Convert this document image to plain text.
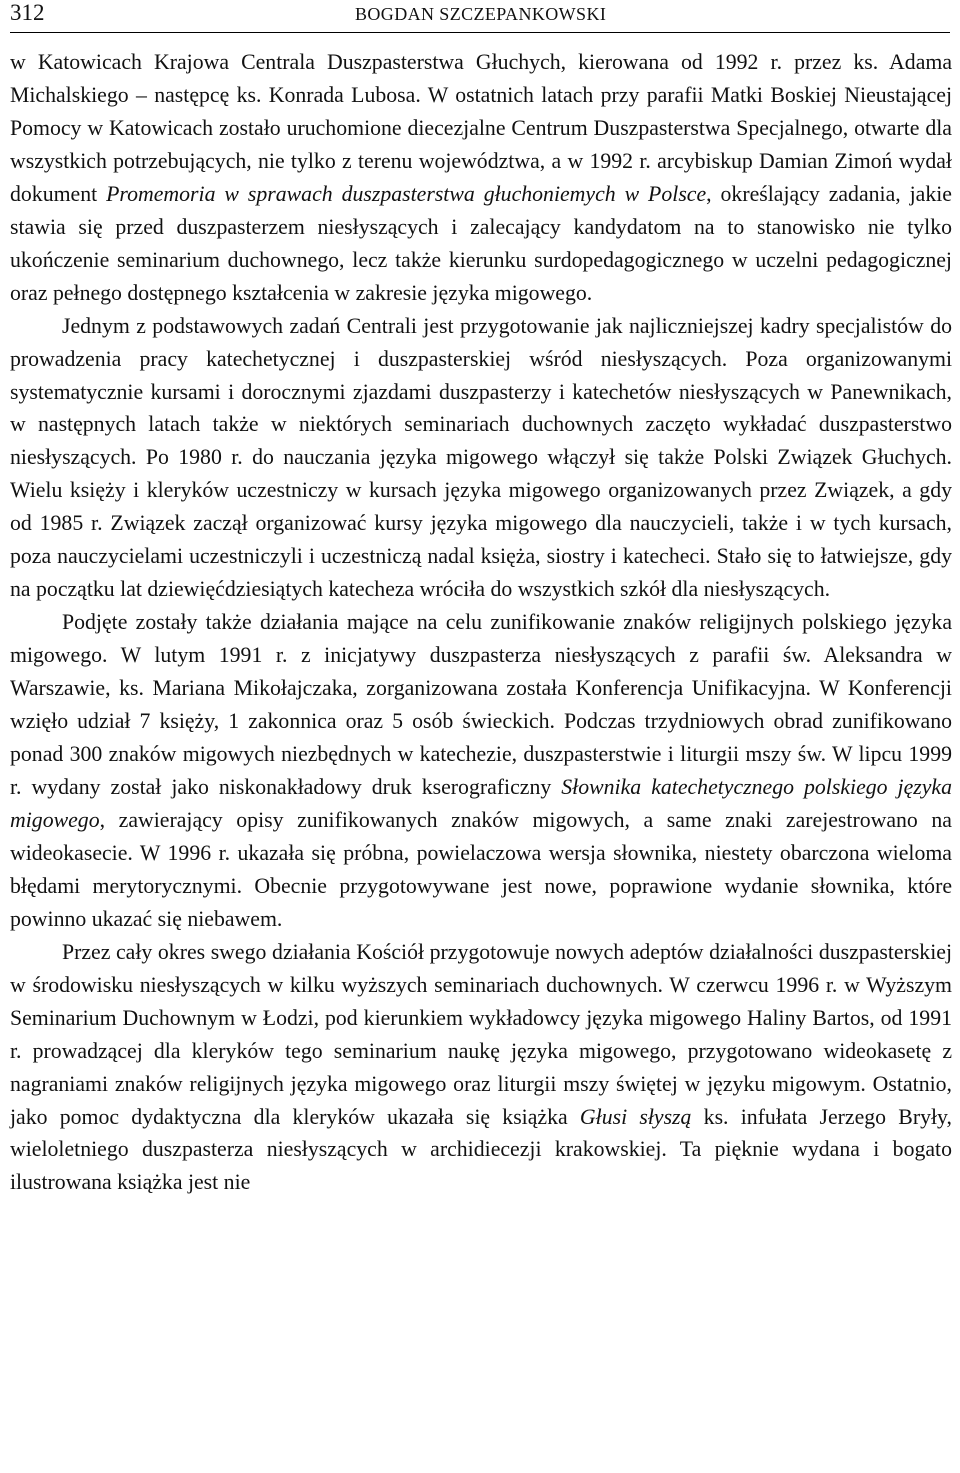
312	BOGDAN SZCZEPANKOWSKI

w Katowicach Krajowa Centrala Duszpasterstwa Głuchych, kierowana od 1992 r. przez ks. Adama Michalskiego – następcę ks. Konrada Lubosa. W ostatnich latach przy parafii Matki Boskiej Nieustającej Pomocy w Katowicach zostało uruchomione diecezjalne Centrum Duszpasterstwa Specjalnego, otwarte dla wszystkich potrzebujących, nie tylko z terenu województwa, a w 1992 r. arcybiskup Damian Zimoń wydał dokument Promemoria w sprawach duszpasterstwa głuchoniemych w Polsce, określający zadania, jakie stawia się przed duszpasterzem niesłyszących i zalecający kandydatom na to stanowisko nie tylko ukończenie seminarium duchownego, lecz także kierunku surdopedagogicznego w uczelni pedagogicznej oraz pełnego dostępnego kształcenia w zakresie języka migowego.

Jednym z podstawowych zadań Centrali jest przygotowanie jak najliczniejszej kadry specjalistów do prowadzenia pracy katechetycznej i duszpasterskiej wśród niesłyszących. Poza organizowanymi systematycznie kursami i dorocznymi zjazdami duszpasterzy i katechetów niesłyszących w Panewnikach, w następnych latach także w niektórych seminariach duchownych zaczęto wykładać duszpasterstwo niesłyszących. Po 1980 r. do nauczania języka migowego włączył się także Polski Związek Głuchych. Wielu księży i kleryków uczestniczy w kursach języka migowego organizowanych przez Związek, a gdy od 1985 r. Związek zaczął organizować kursy języka migowego dla nauczycieli, także i w tych kursach, poza nauczycielami uczestniczyli i uczestniczą nadal księża, siostry i katecheci. Stało się to łatwiejsze, gdy na początku lat dziewięćdziesiątych katecheza wróciła do wszystkich szkół dla niesłyszących.

Podjęte zostały także działania mające na celu zunifikowanie znaków religijnych polskiego języka migowego. W lutym 1991 r. z inicjatywy duszpasterza niesłyszących z parafii św. Aleksandra w Warszawie, ks. Mariana Mikołajczaka, zorganizowana została Konferencja Unifikacyjna. W Konferencji wzięło udział 7 księży, 1 zakonnica oraz 5 osób świeckich. Podczas trzydniowych obrad zunifikowano ponad 300 znaków migowych niezbędnych w katechezie, duszpasterstwie i liturgii mszy św. W lipcu 1999 r. wydany został jako niskonakładowy druk kserograficzny Słownika katechetycznego polskiego języka migowego, zawierający opisy zunifikowanych znaków migowych, a same znaki zarejestrowano na wideokasecie. W 1996 r. ukazała się próbna, powielaczowa wersja słownika, niestety obarczona wieloma błędami merytorycznymi. Obecnie przygotowywane jest nowe, poprawione wydanie słownika, które powinno ukazać się niebawem.

Przez cały okres swego działania Kościół przygotowuje nowych adeptów działalności duszpasterskiej w środowisku niesłyszących w kilku wyższych seminariach duchownych. W czerwcu 1996 r. w Wyższym Seminarium Duchownym w Łodzi, pod kierunkiem wykładowcy języka migowego Haliny Bartos, od 1991 r. prowadzącej dla kleryków tego seminarium naukę języka migowego, przygotowano wideokasetę z nagraniami znaków religijnych języka migowego oraz liturgii mszy świętej w języku migowym. Ostatnio, jako pomoc dydaktyczna dla kleryków ukazała się książka Głusi słyszą ks. infułata Jerzego Bryły, wieloletniego duszpasterza niesłyszących w archidiecezji krakowskiej. Ta pięknie wydana i bogato ilustrowana książka jest nie
